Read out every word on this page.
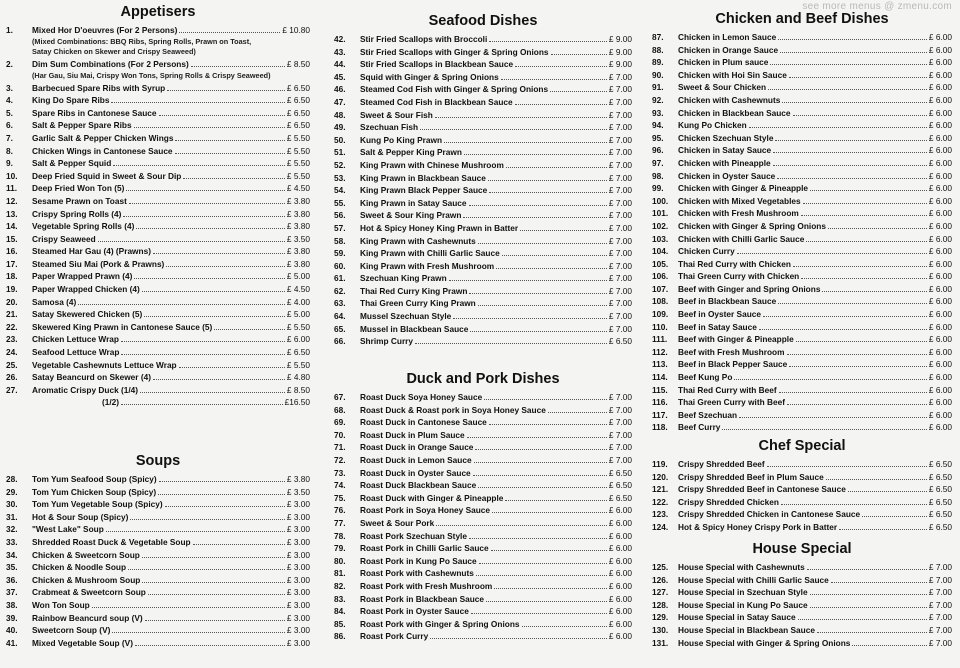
see more menus @ zmenu.com
Appetisers
1.	Mixed Hor D'oeuvres (For 2 Persons)	£ 10.80
(Mixed Combinations: BBQ Ribs, Spring Rolls, Prawn on Toast,
Satay Chicken on Skewer and Crispy Seaweed)
2.	Dim Sum Combinations (For 2 Persons)	£ 8.50
(Har Gau, Siu Mai, Crispy Won Tons, Spring Rolls & Crispy Seaweed)
3.	Barbecued Spare Ribs with Syrup	£ 6.50
4.	King Do Spare Ribs	£ 6.50
5.	Spare Ribs in Cantonese Sauce	£ 6.50
6.	Salt & Pepper Spare Ribs	£ 6.50
7.	Garlic Salt & Pepper Chicken Wings	£ 5.50
8.	Chicken Wings in Cantonese Sauce	£ 5.50
9.	Salt & Pepper Squid	£ 5.50
10.	Deep Fried Squid in Sweet & Sour Dip	£ 5.50
11.	Deep Fried Won Ton (5)	£ 4.50
12.	Sesame Prawn on Toast	£ 3.80
13.	Crispy Spring Rolls (4)	£ 3.80
14.	Vegetable Spring Rolls (4)	£ 3.80
15.	Crispy Seaweed	£ 3.50
16.	Steamed Har Gau (4) (Prawns)	£ 3.80
17.	Steamed Siu Mai (Pork & Prawns)	£ 3.80
18.	Paper Wrapped Prawn (4)	£ 5.00
19.	Paper Wrapped Chicken (4)	£ 4.50
20.	Samosa (4)	£ 4.00
21.	Satay Skewered Chicken (5)	£ 5.00
22.	Skewered King Prawn in Cantonese Sauce (5)	£ 5.50
23.	Chicken Lettuce Wrap	£ 6.00
24.	Seafood Lettuce Wrap	£ 6.50
25.	Vegetable Cashewnuts Lettuce Wrap	£ 5.50
26.	Satay Beancurd on Skewer (4)	£ 4.80
27.	Aromatic Crispy Duck (1/4)	£ 8.50
(1/2)	£16.50
Soups
28.	Tom Yum Seafood Soup (Spicy)	£ 3.80
29.	Tom Yum Chicken Soup (Spicy)	£ 3.50
30.	Tom Yum Vegetable Soup (Spicy)	£ 3.00
31.	Hot & Sour Soup (Spicy)	£ 3.00
32.	"West Lake" Soup	£ 3.00
33.	Shredded Roast Duck & Vegetable Soup	£ 3.00
34.	Chicken & Sweetcorn Soup	£ 3.00
35.	Chicken & Noodle Soup	£ 3.00
36.	Chicken & Mushroom Soup	£ 3.00
37.	Crabmeat & Sweetcorn Soup	£ 3.00
38.	Won Ton Soup	£ 3.00
39.	Rainbow Beancurd soup (V)	£ 3.00
40.	Sweetcorn Soup (V)	£ 3.00
41.	Mixed Vegetable Soup (V)	£ 3.00
Seafood Dishes
42.	Stir Fried Scallops with Broccoli	£ 9.00
43.	Stir Fried Scallops with Ginger & Spring Onions	£ 9.00
44.	Stir Fried Scallops in Blackbean Sauce	£ 9.00
45.	Squid with Ginger & Spring Onions	£ 7.00
46.	Steamed Cod Fish with Ginger & Spring Onions	£ 7.00
47.	Steamed Cod Fish in Blackbean Sauce	£ 7.00
48.	Sweet & Sour Fish	£ 7.00
49.	Szechuan Fish	£ 7.00
50.	Kung Po King Prawn	£ 7.00
51.	Salt & Pepper King Prawn	£ 7.00
52.	King Prawn with Chinese Mushroom	£ 7.00
53.	King Prawn in Blackbean Sauce	£ 7.00
54.	King Prawn Black Pepper Sauce	£ 7.00
55.	King Prawn in Satay Sauce	£ 7.00
56.	Sweet & Sour King Prawn	£ 7.00
57.	Hot & Spicy Honey King Prawn in Batter	£ 7.00
58.	King Prawn with Cashewnuts	£ 7.00
59.	King Prawn with Chilli Garlic Sauce	£ 7.00
60.	King Prawn with Fresh Mushroom	£ 7.00
61.	Szechuan King Prawn	£ 7.00
62.	Thai Red Curry King Prawn	£ 7.00
63.	Thai Green Curry King Prawn	£ 7.00
64.	Mussel Szechuan Style	£ 7.00
65.	Mussel in Blackbean Sauce	£ 7.00
66.	Shrimp Curry	£ 6.50
Duck and Pork Dishes
67.	Roast Duck Soya Honey Sauce	£ 7.00
68.	Roast Duck & Roast pork in Soya Honey Sauce	£ 7.00
69.	Roast Duck in Cantonese Sauce	£ 7.00
70.	Roast Duck in Plum Sauce	£ 7.00
71.	Roast Duck in Orange Sauce	£ 7.00
72.	Roast Duck in Lemon Sauce	£ 7.00
73.	Roast Duck in Oyster Sauce	£ 6.50
74.	Roast Duck Blackbean Sauce	£ 6.50
75.	Roast Duck with Ginger & Pineapple	£ 6.50
76.	Roast Pork in Soya Honey Sauce	£ 6.00
77.	Sweet & Sour Pork	£ 6.00
78.	Roast Pork Szechuan Style	£ 6.00
79.	Roast Pork in Chilli Garlic Sauce	£ 6.00
80.	Roast Pork in Kung Po Sauce	£ 6.00
81.	Roast Pork with Cashewnuts	£ 6.00
82.	Roast Pork with Fresh Mushroom	£ 6.00
83.	Roast Pork in Blackbean Sauce	£ 6.00
84.	Roast Pork in Oyster Sauce	£ 6.00
85.	Roast Pork with Ginger & Spring Onions	£ 6.00
86.	Roast Pork Curry	£ 6.00
Chicken and Beef Dishes
87.	Chicken in Lemon Sauce	£ 6.00
88.	Chicken in Orange Sauce	£ 6.00
89.	Chicken in Plum sauce	£ 6.00
90.	Chicken with Hoi Sin Sauce	£ 6.00
91.	Sweet & Sour Chicken	£ 6.00
92.	Chicken with Cashewnuts	£ 6.00
93.	Chicken in Blackbean Sauce	£ 6.00
94.	Kung Po Chicken	£ 6.00
95.	Chicken Szechuan Style	£ 6.00
96.	Chicken in Satay Sauce	£ 6.00
97.	Chicken with Pineapple	£ 6.00
98.	Chicken in Oyster Sauce	£ 6.00
99.	Chicken with Ginger & Pineapple	£ 6.00
100.	Chicken with Mixed Vegetables	£ 6.00
101.	Chicken with Fresh Mushroom	£ 6.00
102.	Chicken with Ginger & Spring Onions	£ 6.00
103.	Chicken with Chilli Garlic Sauce	£ 6.00
104.	Chicken Curry	£ 6.00
105.	Thai Red Curry with Chicken	£ 6.00
106.	Thai Green Curry with Chicken	£ 6.00
107.	Beef with Ginger and Spring Onions	£ 6.00
108.	Beef in Blackbean Sauce	£ 6.00
109.	Beef in Oyster Sauce	£ 6.00
110.	Beef in Satay Sauce	£ 6.00
111.	Beef with Ginger & Pineapple	£ 6.00
112.	Beef with Fresh Mushroom	£ 6.00
113.	Beef in Black Pepper Sauce	£ 6.00
114.	Beef Kung Po	£ 6.00
115.	Thai Red Curry with Beef	£ 6.00
116.	Thai Green Curry with Beef	£ 6.00
117.	Beef Szechuan	£ 6.00
118.	Beef Curry	£ 6.00
Chef Special
119.	Crispy Shredded Beef	£ 6.50
120.	Crispy Shredded Beef in Plum Sauce	£ 6.50
121.	Crispy Shredded Beef in Cantonese Sauce	£ 6.50
122.	Crispy Shredded Chicken	£ 6.50
123.	Crispy Shredded Chicken in Cantonese Sauce	£ 6.50
124.	Hot & Spicy Honey Crispy Pork in Batter	£ 6.50
House Special
125.	House Special with Cashewnuts	£ 7.00
126.	House Special with Chilli Garlic Sauce	£ 7.00
127.	House Special in Szechuan Style	£ 7.00
128.	House Special in Kung Po Sauce	£ 7.00
129.	House Special in Satay Sauce	£ 7.00
130.	House Special in Blackbean Sauce	£ 7.00
131.	House Special with Ginger & Spring Onions	£ 7.00
